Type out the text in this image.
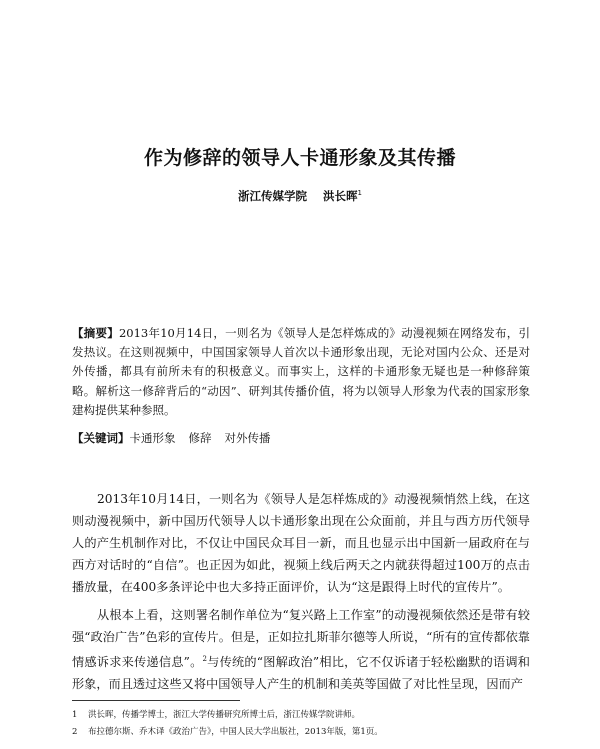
作为修辞的领导人卡通形象及其传播
浙江传媒学院 洪长晖$^1$
【摘要】2013年10月14日，一则名为《领导人是怎样炼成的》动漫视频在网络发布，引发热议。在这则视频中，中国国家领导人首次以卡通形象出现，无论对国内公众、还是对外传播，都具有前所未有的积极意义。而事实上，这样的卡通形象无疑也是一种修辞策略。解析这一修辞背后的“动因”、研判其传播价值，将为以领导人形象为代表的国家形象建构提供某种参照。
【关键词】卡通形象 修辞 对外传播

2013年10月14日，一则名为《领导人是怎样炼成的》动漫视频悄然上线，在这则动漫视频中，新中国历代领导人以卡通形象出现在公众面前，并且与西方历代领导人的产生机制作对比，不仅让中国民众耳目一新，而且也显示出中国新一届政府在与西方对话时的“自信”。也正因为如此，视频上线后两天之内就获得超过100万的点击播放量，在400多条评论中也大多持正面评价，认为“这是跟得上时代的宣传片”。

从根本上看，这则署名制作单位为“复兴路上工作室”的动漫视频依然还是带有较强“政治广告”色彩的宣传片。但是，正如拉扎斯菲尔德等人所说，“所有的宣传都依靠情感诉求来传递信息”。$^2$与传统的“图解政治”相比，它不仅诉诸于轻松幽默的语调和形象，而且透过这些又将中国领导人产生的机制和美英等国做了对比性呈现，因而产

1 洪长晖，传播学博士，浙江大学传播研究所博士后，浙江传媒学院讲师。
2 布拉德尔斯、乔木译《政治广告》，中国人民大学出版社，2013年版，第1页。
